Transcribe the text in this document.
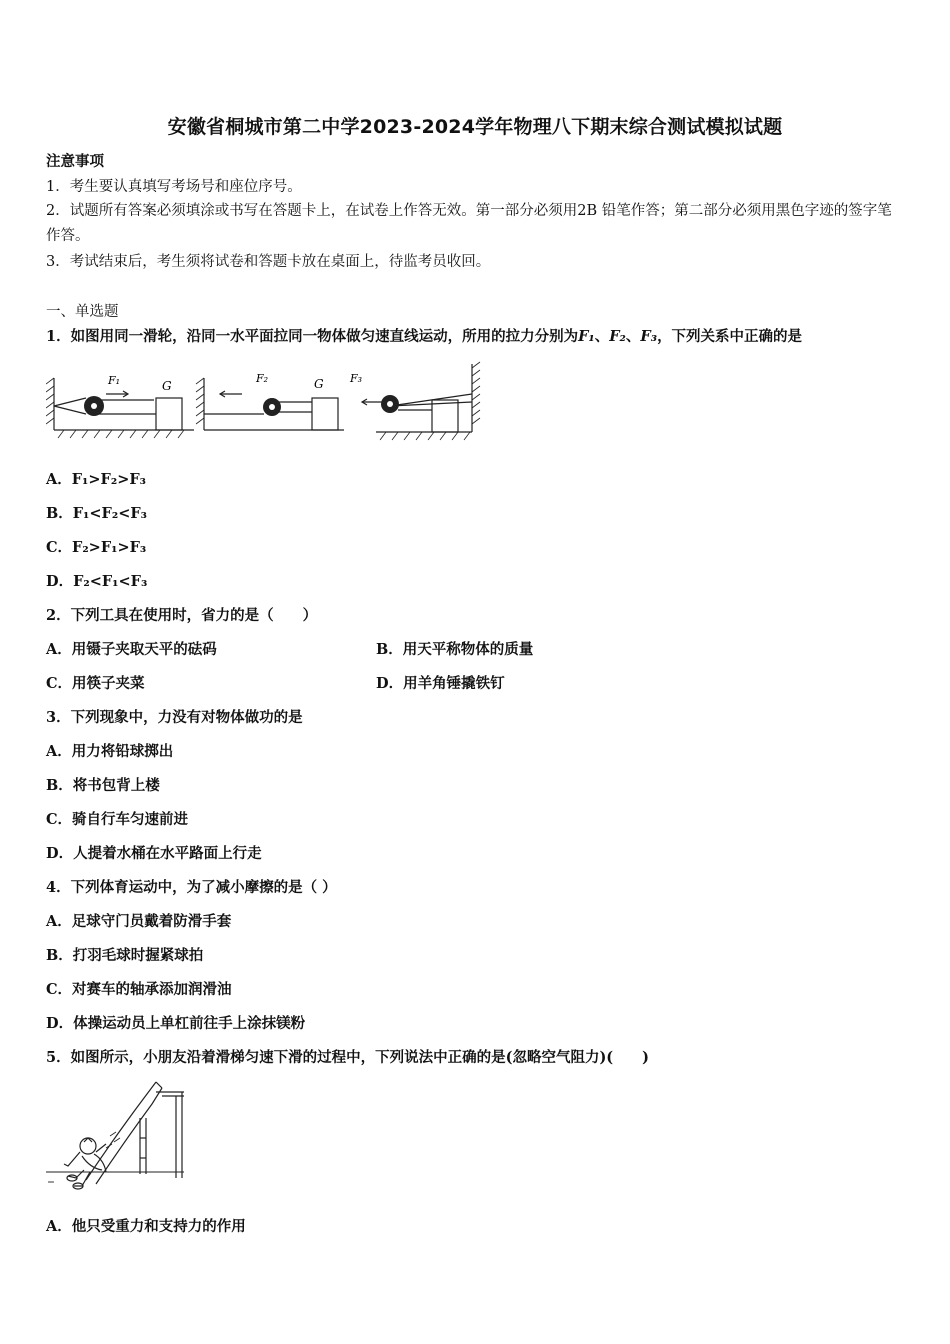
安徽省桐城市第二中学2023-2024学年物理八下期末综合测试模拟试题
注意事项
1．考生要认真填写考场号和座位序号。
2．试题所有答案必须填涂或书写在答题卡上，在试卷上作答无效。第一部分必须用2B 铅笔作答；第二部分必须用黑色字迹的签字笔作答。
3．考试结束后，考生须将试卷和答题卡放在桌面上，待监考员收回。
一、单选题
1．如图用同一滑轮，沿同一水平面拉同一物体做匀速直线运动，所用的拉力分别为F₁、F₂、F₃，下列关系中正确的是
F₁	G
F₂	G F₃
A．F₁>F₂>F₃
B．F₁<F₂<F₃
C．F₂>F₁>F₃
D．F₂<F₁<F₃
2．下列工具在使用时，省力的是（　　）
A．用镊子夹取天平的砝码	B．用天平称物体的质量
C．用筷子夹菜	D．用羊角锤撬铁钉
3．下列现象中，力没有对物体做功的是
A．用力将铅球掷出
B．将书包背上楼
C．骑自行车匀速前进
D．人提着水桶在水平路面上行走
4．下列体育运动中，为了减小摩擦的是（ ）
A．足球守门员戴着防滑手套
B．打羽毛球时握紧球拍
C．对赛车的轴承添加润滑油
D．体操运动员上单杠前往手上涂抹镁粉
5．如图所示，小朋友沿着滑梯匀速下滑的过程中，下列说法中正确的是(忽略空气阻力)(　　)
A．他只受重力和支持力的作用
